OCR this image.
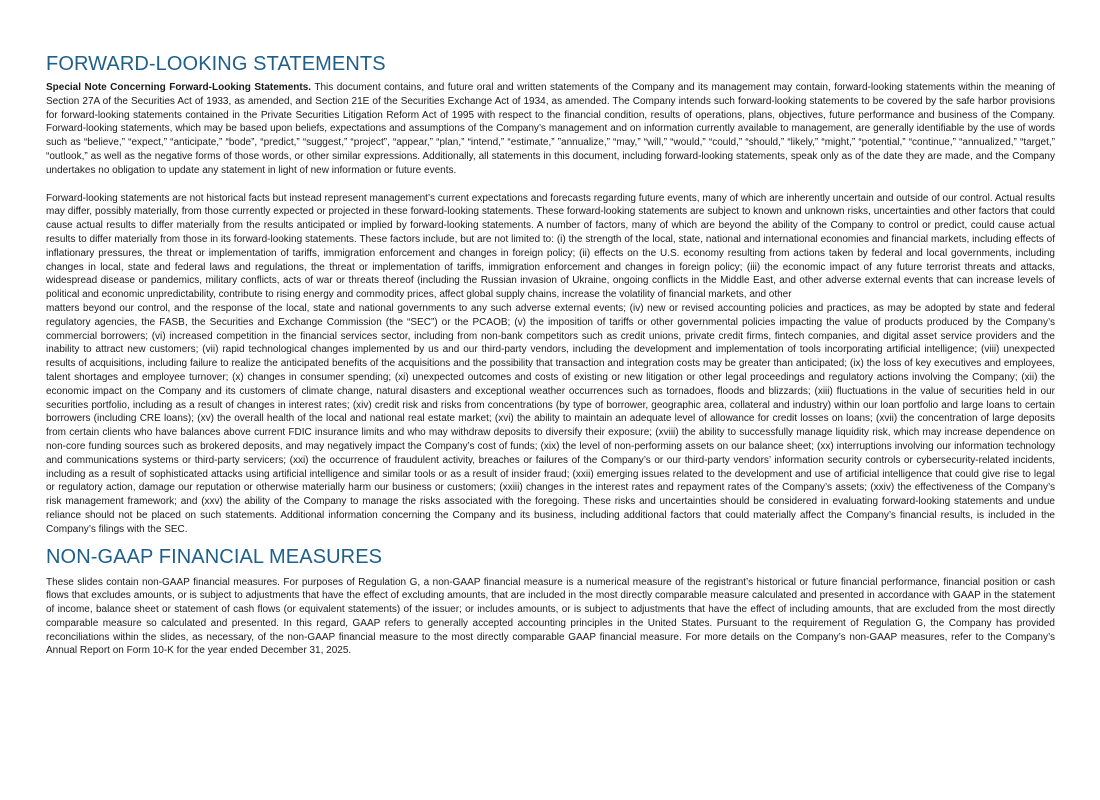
FORWARD-LOOKING STATEMENTS

Special Note Concerning Forward-Looking Statements. This document contains, and future oral and written statements of the Company and its management may contain, forward-looking statements within the meaning of Section 27A of the Securities Act of 1933, as amended, and Section 21E of the Securities Exchange Act of 1934, as amended. The Company intends such forward-looking statements to be covered by the safe harbor provisions for forward-looking statements contained in the Private Securities Litigation Reform Act of 1995 with respect to the financial condition, results of operations, plans, objectives, future performance and business of the Company. Forward-looking statements, which may be based upon beliefs, expectations and assumptions of the Company’s management and on information currently available to management, are generally identifiable by the use of words such as “believe,” “expect,” “anticipate,” “bode”, “predict,” “suggest,” “project”, “appear,” “plan,” “intend,” “estimate,” ”annualize,” “may,” “will,” “would,” “could,” “should,” “likely,” “might,” “potential,” “continue,” “annualized,” “target,” “outlook,” as well as the negative forms of those words, or other similar expressions. Additionally, all statements in this document, including forward-looking statements, speak only as of the date they are made, and the Company undertakes no obligation to update any statement in light of new information or future events.

Forward-looking statements are not historical facts but instead represent management’s current expectations and forecasts regarding future events, many of which are inherently uncertain and outside of our control. Actual results may differ, possibly materially, from those currently expected or projected in these forward-looking statements. These forward-looking statements are subject to known and unknown risks, uncertainties and other factors that could cause actual results to differ materially from the results anticipated or implied by forward-looking statements. A number of factors, many of which are beyond the ability of the Company to control or predict, could cause actual results to differ materially from those in its forward-looking statements. These factors include, but are not limited to: (i) the strength of the local, state, national and international economies and financial markets, including effects of inflationary pressures, the threat or implementation of tariffs, immigration enforcement and changes in foreign policy; (ii) effects on the U.S. economy resulting from actions taken by federal and local governments, including changes in local, state and federal laws and regulations, the threat or implementation of tariffs, immigration enforcement and changes in foreign policy; (iii) the economic impact of any future terrorist threats and attacks, widespread disease or pandemics, military conflicts, acts of war or threats thereof (including the Russian invasion of Ukraine, ongoing conflicts in the Middle East, and other adverse external events that can increase levels of political and economic unpredictability, contribute to rising energy and commodity prices, affect global supply chains, increase the volatility of financial markets, and other

matters beyond our control, and the response of the local, state and national governments to any such adverse external events; (iv) new or revised accounting policies and practices, as may be adopted by state and federal regulatory agencies, the FASB, the Securities and Exchange Commission (the “SEC”) or the PCAOB; (v) the imposition of tariffs or other governmental policies impacting the value of products produced by the Company’s commercial borrowers; (vi) increased competition in the financial services sector, including from non-bank competitors such as credit unions, private credit firms, fintech companies, and digital asset service providers and the inability to attract new customers; (vii) rapid technological changes implemented by us and our third-party vendors, including the development and implementation of tools incorporating artificial intelligence; (viii) unexpected results of acquisitions, including failure to realize the anticipated benefits of the acquisitions and the possibility that transaction and integration costs may be greater than anticipated; (ix) the loss of key executives and employees, talent shortages and employee turnover; (x) changes in consumer spending; (xi) unexpected outcomes and costs of existing or new litigation or other legal proceedings and regulatory actions involving the Company; (xii) the economic impact on the Company and its customers of climate change, natural disasters and exceptional weather occurrences such as tornadoes, floods and blizzards; (xiii) fluctuations in the value of securities held in our securities portfolio, including as a result of changes in interest rates; (xiv) credit risk and risks from concentrations (by type of borrower, geographic area, collateral and industry) within our loan portfolio and large loans to certain borrowers (including CRE loans); (xv) the overall health of the local and national real estate market; (xvi) the ability to maintain an adequate level of allowance for credit losses on loans; (xvii) the concentration of large deposits from certain clients who have balances above current FDIC insurance limits and who may withdraw deposits to diversify their exposure; (xviii) the ability to successfully manage liquidity risk, which may increase dependence on non-core funding sources such as brokered deposits, and may negatively impact the Company’s cost of funds; (xix) the level of non-performing assets on our balance sheet; (xx) interruptions involving our information technology and communications systems or third-party servicers; (xxi) the occurrence of fraudulent activity, breaches or failures of the Company’s or our third-party vendors’ information security controls or cybersecurity-related incidents, including as a result of sophisticated attacks using artificial intelligence and similar tools or as a result of insider fraud; (xxii) emerging issues related to the development and use of artificial intelligence that could give rise to legal or regulatory action, damage our reputation or otherwise materially harm our business or customers; (xxiii) changes in the interest rates and repayment rates of the Company’s assets; (xxiv) the effectiveness of the Company’s risk management framework; and (xxv) the ability of the Company to manage the risks associated with the foregoing. These risks and uncertainties should be considered in evaluating forward-looking statements and undue reliance should not be placed on such statements. Additional information concerning the Company and its business, including additional factors that could materially affect the Company’s financial results, is included in the Company’s filings with the SEC.

NON-GAAP FINANCIAL MEASURES

These slides contain non-GAAP financial measures. For purposes of Regulation G, a non-GAAP financial measure is a numerical measure of the registrant’s historical or future financial performance, financial position or cash flows that excludes amounts, or is subject to adjustments that have the effect of excluding amounts, that are included in the most directly comparable measure calculated and presented in accordance with GAAP in the statement of income, balance sheet or statement of cash flows (or equivalent statements) of the issuer; or includes amounts, or is subject to adjustments that have the effect of including amounts, that are excluded from the most directly comparable measure so calculated and presented. In this regard, GAAP refers to generally accepted accounting principles in the United States. Pursuant to the requirement of Regulation G, the Company has provided reconciliations within the slides, as necessary, of the non-GAAP financial measure to the most directly comparable GAAP financial measure. For more details on the Company’s non-GAAP measures, refer to the Company’s Annual Report on Form 10-K for the year ended December 31, 2025.
